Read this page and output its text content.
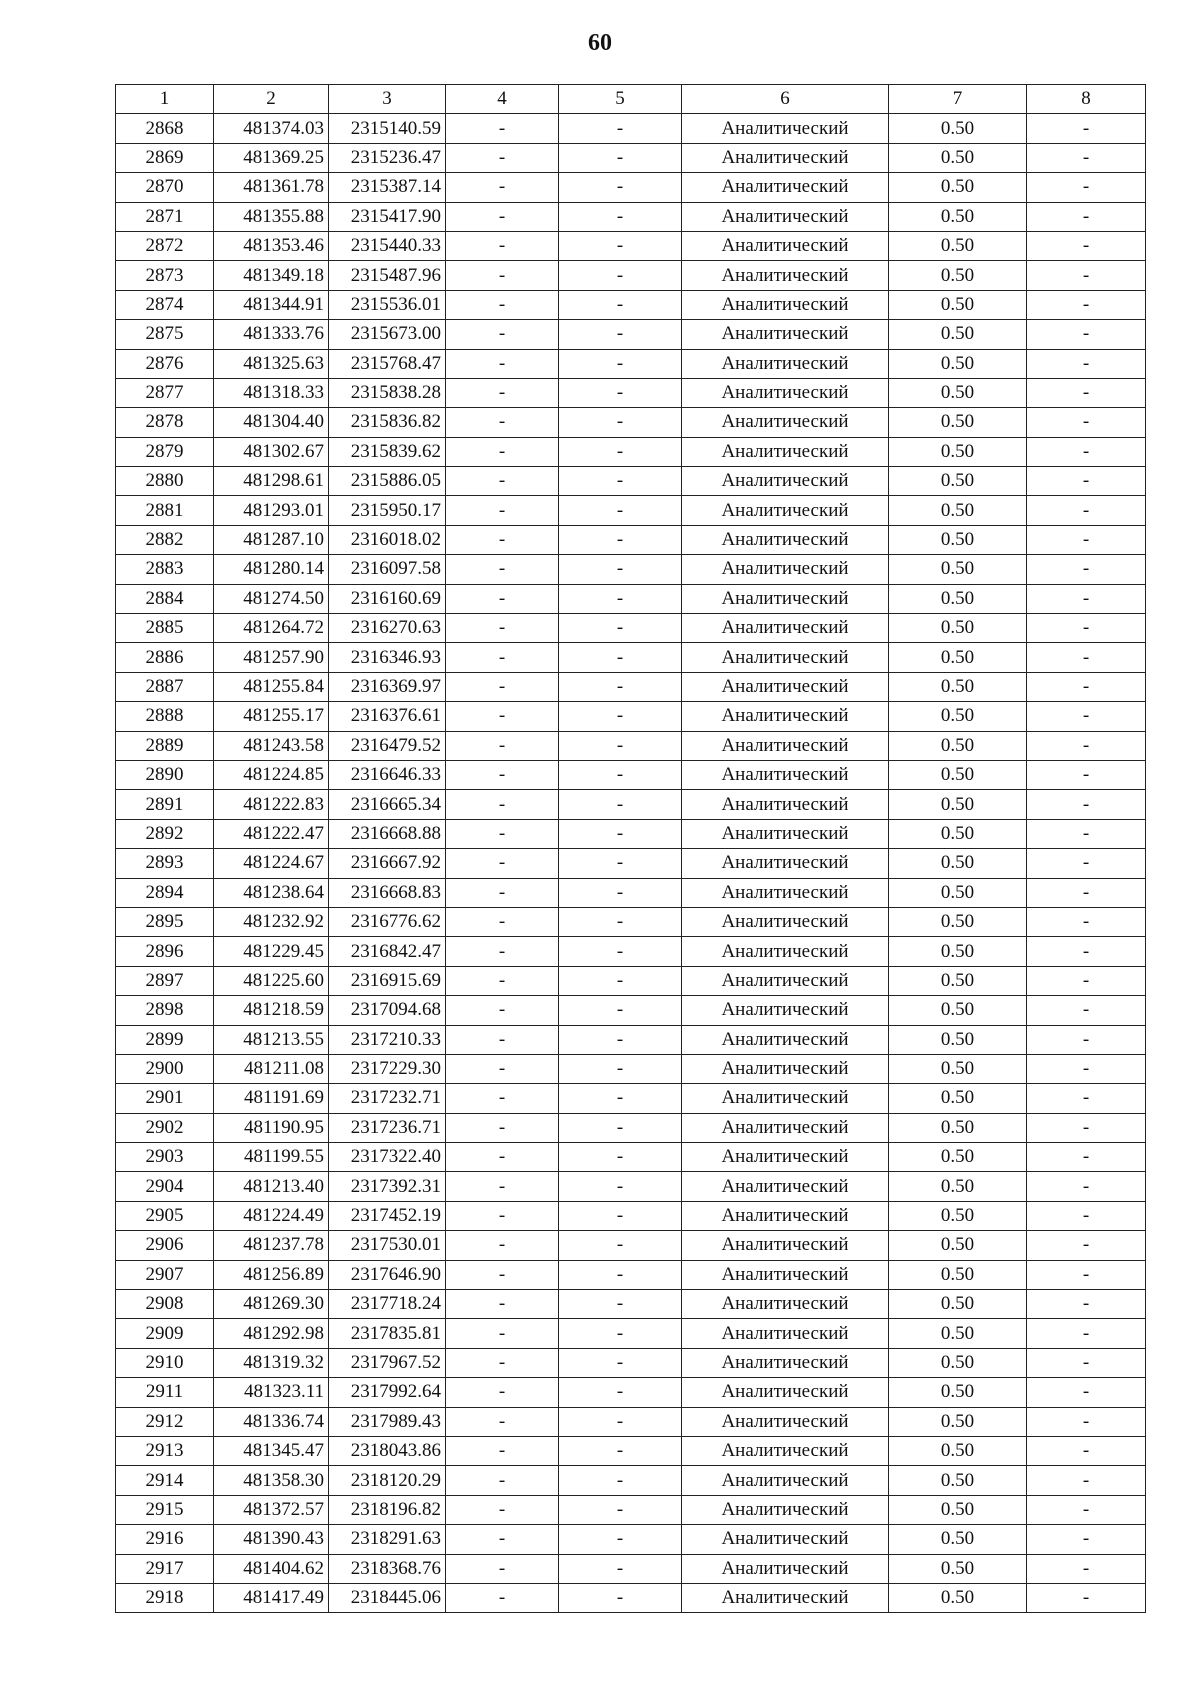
60
1	2	3	4	5	6	7	8
2868	481374.03	2315140.59	-	-	Аналитический	0.50	-
2869	481369.25	2315236.47	-	-	Аналитический	0.50	-
2870	481361.78	2315387.14	-	-	Аналитический	0.50	-
2871	481355.88	2315417.90	-	-	Аналитический	0.50	-
2872	481353.46	2315440.33	-	-	Аналитический	0.50	-
2873	481349.18	2315487.96	-	-	Аналитический	0.50	-
2874	481344.91	2315536.01	-	-	Аналитический	0.50	-
2875	481333.76	2315673.00	-	-	Аналитический	0.50	-
2876	481325.63	2315768.47	-	-	Аналитический	0.50	-
2877	481318.33	2315838.28	-	-	Аналитический	0.50	-
2878	481304.40	2315836.82	-	-	Аналитический	0.50	-
2879	481302.67	2315839.62	-	-	Аналитический	0.50	-
2880	481298.61	2315886.05	-	-	Аналитический	0.50	-
2881	481293.01	2315950.17	-	-	Аналитический	0.50	-
2882	481287.10	2316018.02	-	-	Аналитический	0.50	-
2883	481280.14	2316097.58	-	-	Аналитический	0.50	-
2884	481274.50	2316160.69	-	-	Аналитический	0.50	-
2885	481264.72	2316270.63	-	-	Аналитический	0.50	-
2886	481257.90	2316346.93	-	-	Аналитический	0.50	-
2887	481255.84	2316369.97	-	-	Аналитический	0.50	-
2888	481255.17	2316376.61	-	-	Аналитический	0.50	-
2889	481243.58	2316479.52	-	-	Аналитический	0.50	-
2890	481224.85	2316646.33	-	-	Аналитический	0.50	-
2891	481222.83	2316665.34	-	-	Аналитический	0.50	-
2892	481222.47	2316668.88	-	-	Аналитический	0.50	-
2893	481224.67	2316667.92	-	-	Аналитический	0.50	-
2894	481238.64	2316668.83	-	-	Аналитический	0.50	-
2895	481232.92	2316776.62	-	-	Аналитический	0.50	-
2896	481229.45	2316842.47	-	-	Аналитический	0.50	-
2897	481225.60	2316915.69	-	-	Аналитический	0.50	-
2898	481218.59	2317094.68	-	-	Аналитический	0.50	-
2899	481213.55	2317210.33	-	-	Аналитический	0.50	-
2900	481211.08	2317229.30	-	-	Аналитический	0.50	-
2901	481191.69	2317232.71	-	-	Аналитический	0.50	-
2902	481190.95	2317236.71	-	-	Аналитический	0.50	-
2903	481199.55	2317322.40	-	-	Аналитический	0.50	-
2904	481213.40	2317392.31	-	-	Аналитический	0.50	-
2905	481224.49	2317452.19	-	-	Аналитический	0.50	-
2906	481237.78	2317530.01	-	-	Аналитический	0.50	-
2907	481256.89	2317646.90	-	-	Аналитический	0.50	-
2908	481269.30	2317718.24	-	-	Аналитический	0.50	-
2909	481292.98	2317835.81	-	-	Аналитический	0.50	-
2910	481319.32	2317967.52	-	-	Аналитический	0.50	-
2911	481323.11	2317992.64	-	-	Аналитический	0.50	-
2912	481336.74	2317989.43	-	-	Аналитический	0.50	-
2913	481345.47	2318043.86	-	-	Аналитический	0.50	-
2914	481358.30	2318120.29	-	-	Аналитический	0.50	-
2915	481372.57	2318196.82	-	-	Аналитический	0.50	-
2916	481390.43	2318291.63	-	-	Аналитический	0.50	-
2917	481404.62	2318368.76	-	-	Аналитический	0.50	-
2918	481417.49	2318445.06	-	-	Аналитический	0.50	-
